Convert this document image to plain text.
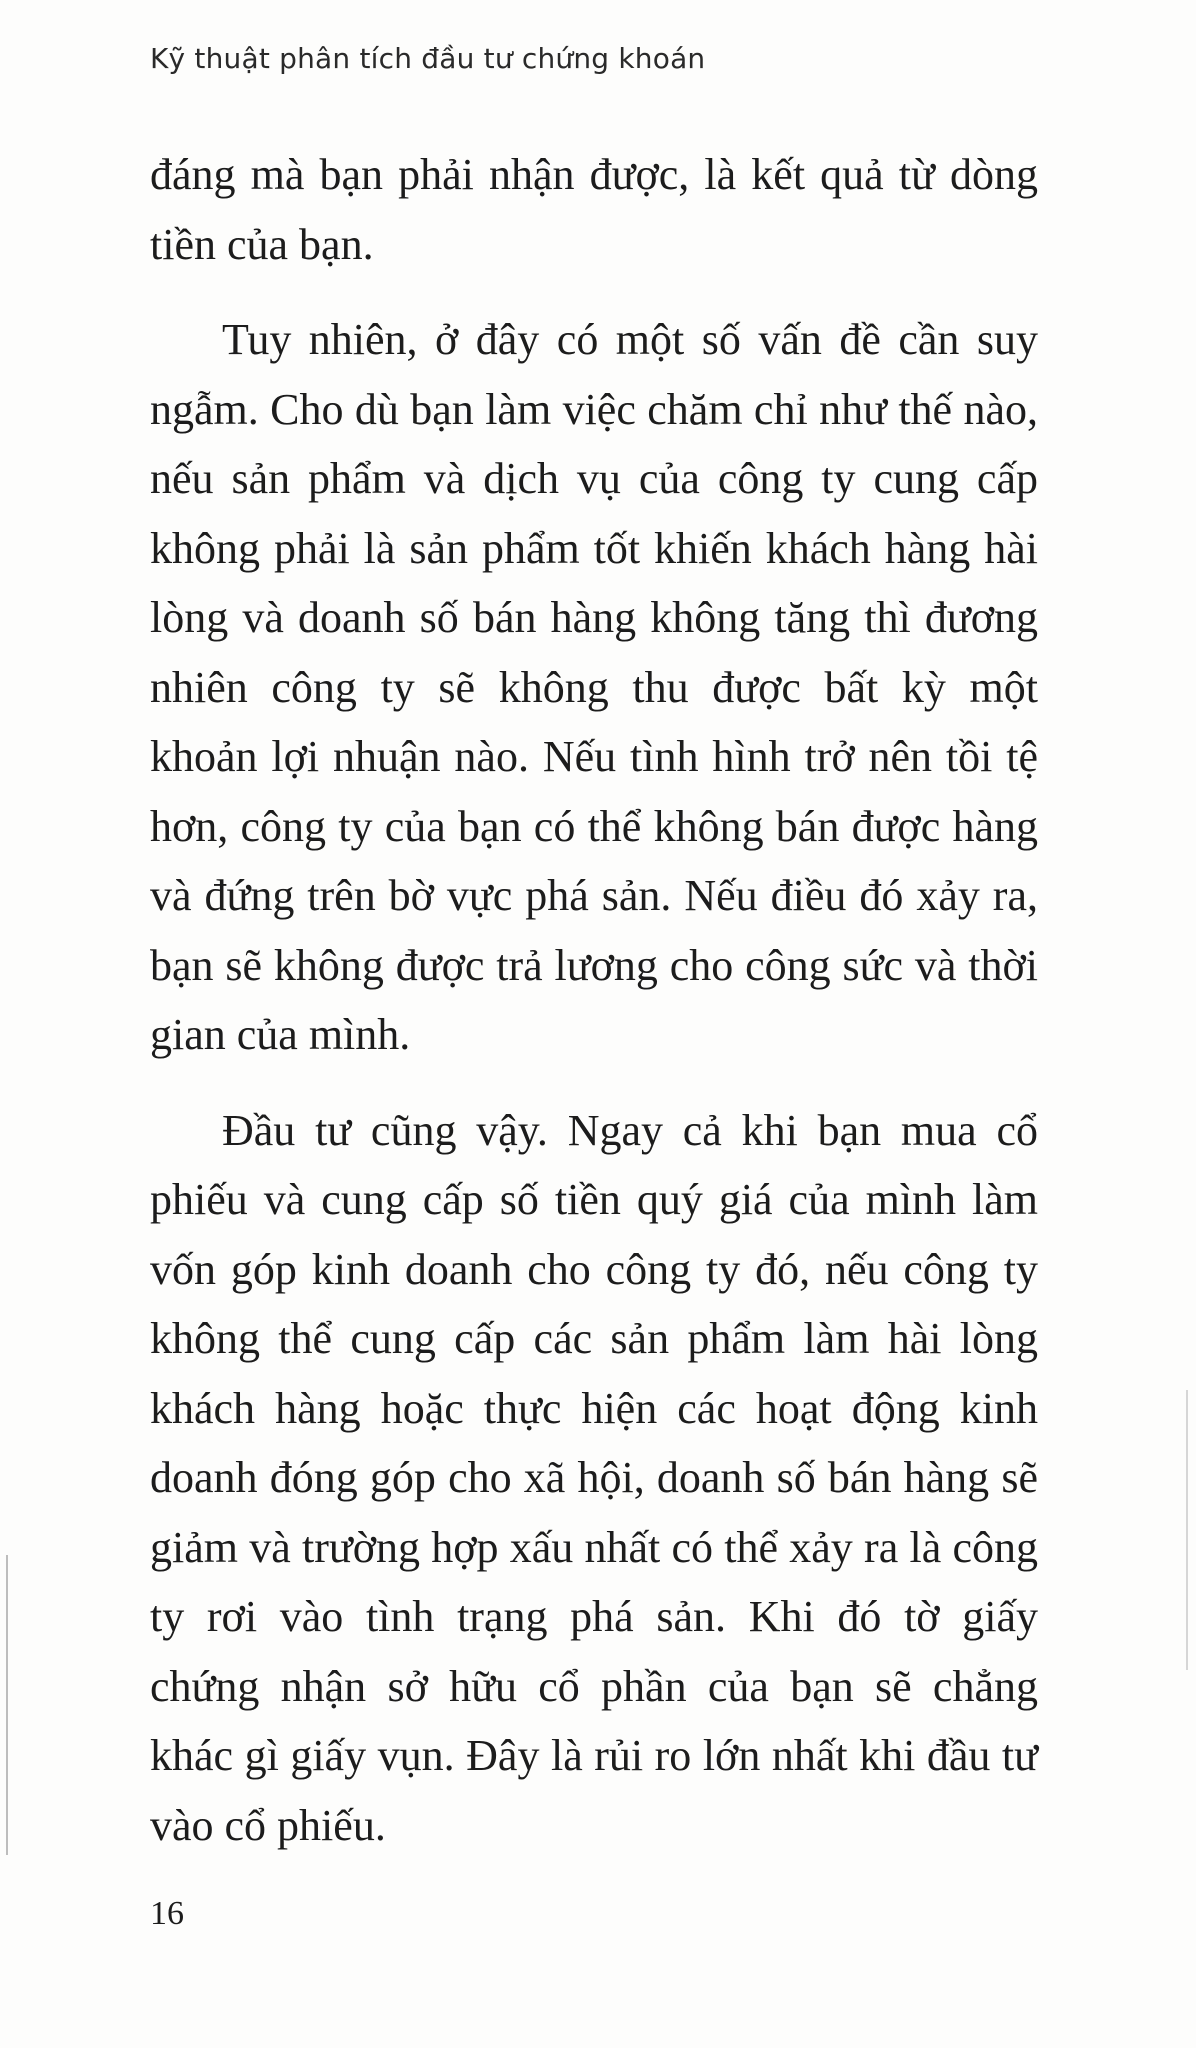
Kỹ thuật phân tích đầu tư chứng khoán

đáng mà bạn phải nhận được, là kết quả từ dòng tiền của bạn.

Tuy nhiên, ở đây có một số vấn đề cần suy ngẫm. Cho dù bạn làm việc chăm chỉ như thế nào, nếu sản phẩm và dịch vụ của công ty cung cấp không phải là sản phẩm tốt khiến khách hàng hài lòng và doanh số bán hàng không tăng thì đương nhiên công ty sẽ không thu được bất kỳ một khoản lợi nhuận nào. Nếu tình hình trở nên tồi tệ hơn, công ty của bạn có thể không bán được hàng và đứng trên bờ vực phá sản. Nếu điều đó xảy ra, bạn sẽ không được trả lương cho công sức và thời gian của mình.

Đầu tư cũng vậy. Ngay cả khi bạn mua cổ phiếu và cung cấp số tiền quý giá của mình làm vốn góp kinh doanh cho công ty đó, nếu công ty không thể cung cấp các sản phẩm làm hài lòng khách hàng hoặc thực hiện các hoạt động kinh doanh đóng góp cho xã hội, doanh số bán hàng sẽ giảm và trường hợp xấu nhất có thể xảy ra là công ty rơi vào tình trạng phá sản. Khi đó tờ giấy chứng nhận sở hữu cổ phần của bạn sẽ chẳng khác gì giấy vụn. Đây là rủi ro lớn nhất khi đầu tư vào cổ phiếu.

16
